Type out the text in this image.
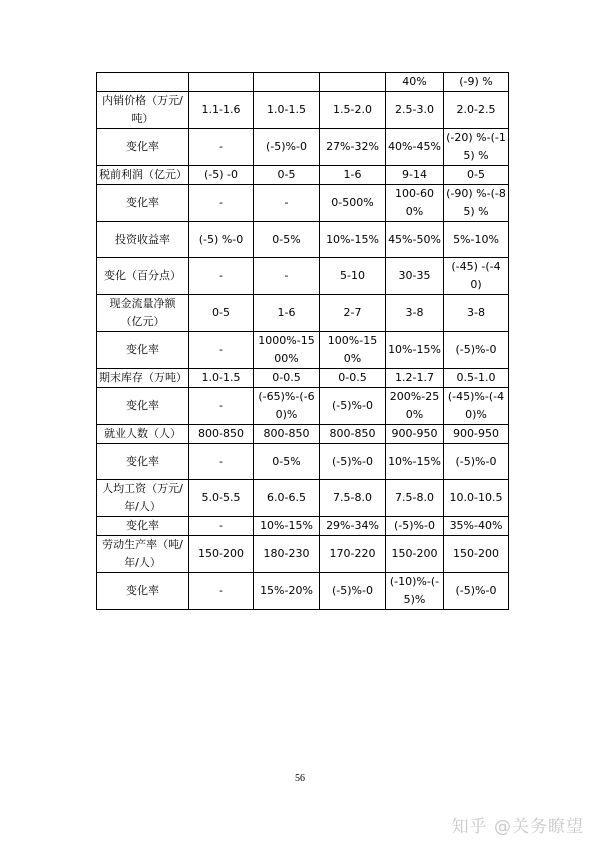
				40%	(-9) %
内销价格（万元/吨）	1.1-1.6	1.0-1.5	1.5-2.0	2.5-3.0	2.0-2.5
变化率	-	(-5)%-0	27%-32%	40%-45%	(-20) %-(-15) %
税前利润（亿元）	(-5) -0	0-5	1-6	9-14	0-5
变化率	-	-	0-500%	100-600%	(-90) %-(-85) %
投资收益率	(-5) %-0	0-5%	10%-15%	45%-50%	5%-10%
变化（百分点）	-	-	5-10	30-35	(-45) -(-40)
现金流量净额（亿元）	0-5	1-6	2-7	3-8	3-8
变化率	-	1000%-1500%	100%-150%	10%-15%	(-5)%-0
期末库存（万吨）	1.0-1.5	0-0.5	0-0.5	1.2-1.7	0.5-1.0
变化率	-	(-65)%-(-60)%	(-5)%-0	200%-250%	(-45)%-(-40)%
就业人数（人）	800-850	800-850	800-850	900-950	900-950
变化率	-	0-5%	(-5)%-0	10%-15%	(-5)%-0
人均工资（万元/年/人）	5.0-5.5	6.0-6.5	7.5-8.0	7.5-8.0	10.0-10.5
变化率	-	10%-15%	29%-34%	(-5)%-0	35%-40%
劳动生产率（吨/年/人）	150-200	180-230	170-220	150-200	150-200
变化率	-	15%-20%	(-5)%-0	(-10)%-(-5)%	(-5)%-0
56
知乎 @关务瞭望
